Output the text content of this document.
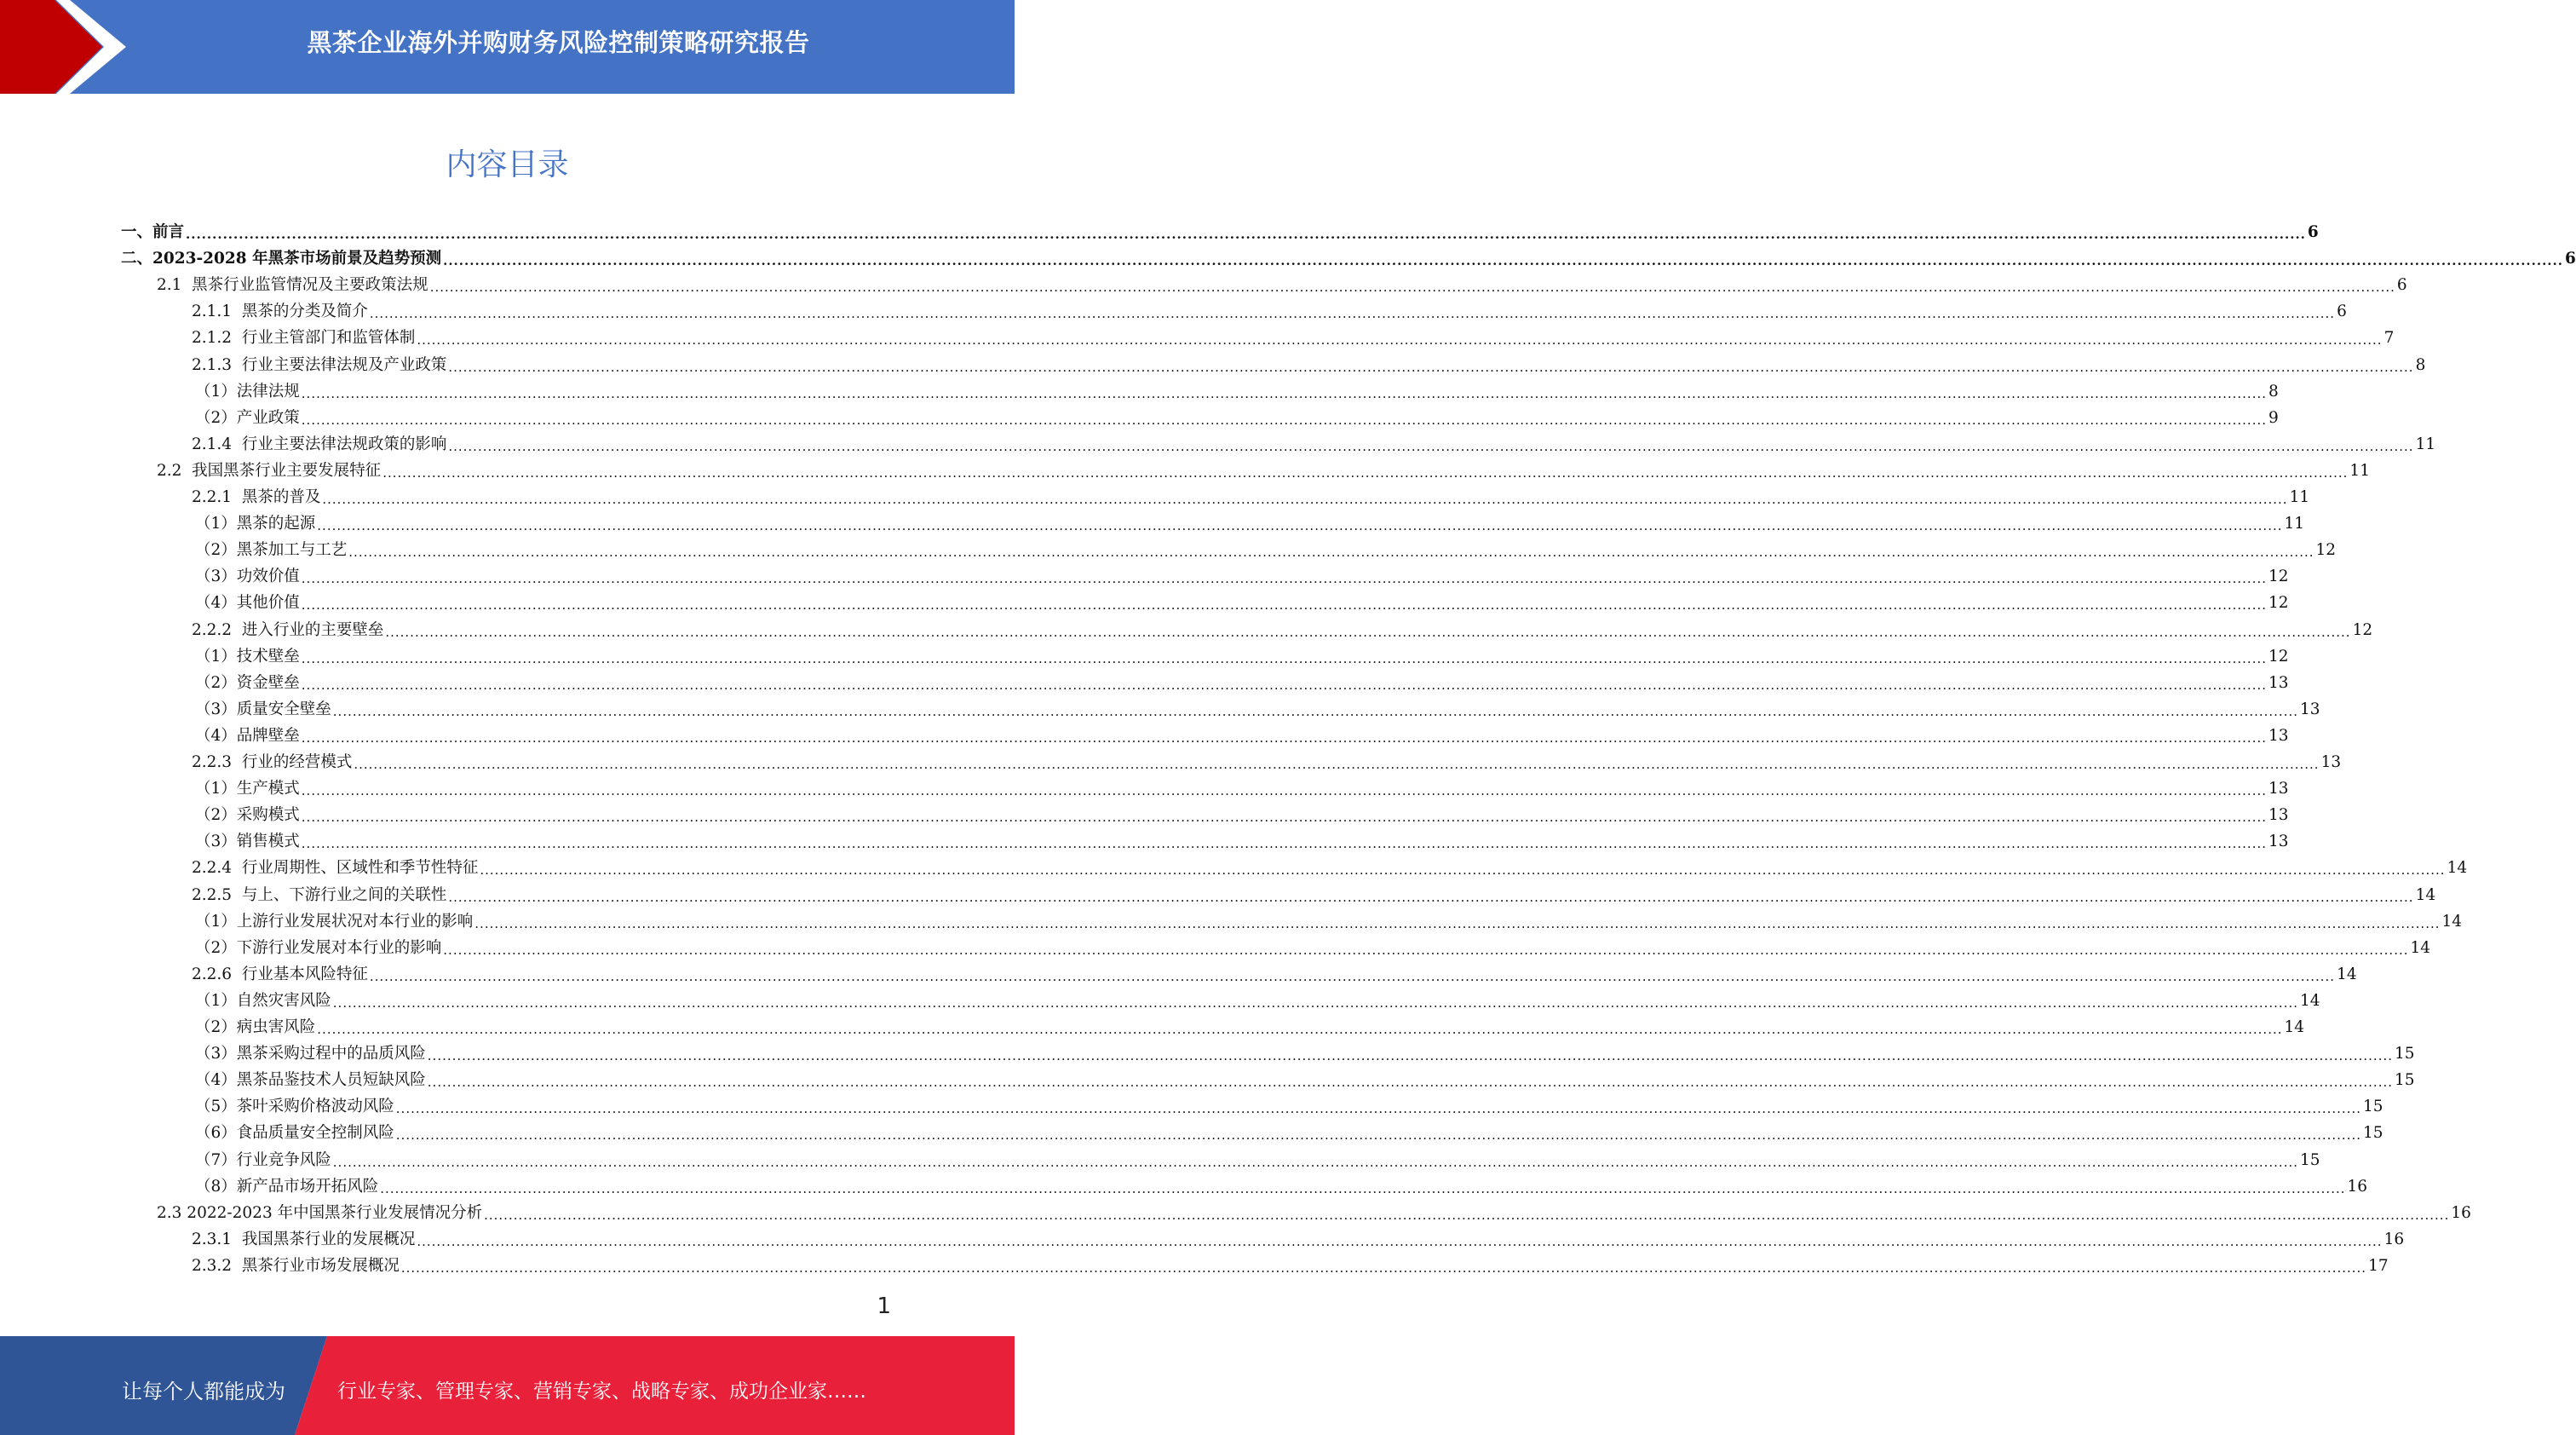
黑茶企业海外并购财务风险控制策略研究报告
内容目录
一、前言 ................................................................................................................................................................................................................................................................................................................................................................................................................ 6
二、2023-2028 年黑茶市场前景及趋势预测 ................................................................................................................................................................................................................................................................................................................................................................................................................ 6
2.1  黑茶行业监管情况及主要政策法规 ................................................................................................................................................................................................................................................................................................................................................................................................................ 6
2.1.1  黑茶的分类及简介 ................................................................................................................................................................................................................................................................................................................................................................................................................ 6
2.1.2  行业主管部门和监管体制 ................................................................................................................................................................................................................................................................................................................................................................................................................ 7
2.1.3  行业主要法律法规及产业政策 ................................................................................................................................................................................................................................................................................................................................................................................................................ 8
（1）法律法规 ................................................................................................................................................................................................................................................................................................................................................................................................................ 8
（2）产业政策 ................................................................................................................................................................................................................................................................................................................................................................................................................ 9
2.1.4  行业主要法律法规政策的影响 ................................................................................................................................................................................................................................................................................................................................................................................................................ 11
2.2  我国黑茶行业主要发展特征 ................................................................................................................................................................................................................................................................................................................................................................................................................ 11
2.2.1  黑茶的普及 ................................................................................................................................................................................................................................................................................................................................................................................................................ 11
（1）黑茶的起源 ................................................................................................................................................................................................................................................................................................................................................................................................................ 11
（2）黑茶加工与工艺 ................................................................................................................................................................................................................................................................................................................................................................................................................ 12
（3）功效价值 ................................................................................................................................................................................................................................................................................................................................................................................................................ 12
（4）其他价值 ................................................................................................................................................................................................................................................................................................................................................................................................................ 12
2.2.2  进入行业的主要壁垒 ................................................................................................................................................................................................................................................................................................................................................................................................................ 12
（1）技术壁垒 ................................................................................................................................................................................................................................................................................................................................................................................................................ 12
（2）资金壁垒 ................................................................................................................................................................................................................................................................................................................................................................................................................ 13
（3）质量安全壁垒 ................................................................................................................................................................................................................................................................................................................................................................................................................ 13
（4）品牌壁垒 ................................................................................................................................................................................................................................................................................................................................................................................................................ 13
2.2.3  行业的经营模式 ................................................................................................................................................................................................................................................................................................................................................................................................................ 13
（1）生产模式 ................................................................................................................................................................................................................................................................................................................................................................................................................ 13
（2）采购模式 ................................................................................................................................................................................................................................................................................................................................................................................................................ 13
（3）销售模式 ................................................................................................................................................................................................................................................................................................................................................................................................................ 13
2.2.4  行业周期性、区域性和季节性特征 ................................................................................................................................................................................................................................................................................................................................................................................................................ 14
2.2.5  与上、下游行业之间的关联性 ................................................................................................................................................................................................................................................................................................................................................................................................................ 14
（1）上游行业发展状况对本行业的影响 ................................................................................................................................................................................................................................................................................................................................................................................................................ 14
（2）下游行业发展对本行业的影响 ................................................................................................................................................................................................................................................................................................................................................................................................................ 14
2.2.6  行业基本风险特征 ................................................................................................................................................................................................................................................................................................................................................................................................................ 14
（1）自然灾害风险 ................................................................................................................................................................................................................................................................................................................................................................................................................ 14
（2）病虫害风险 ................................................................................................................................................................................................................................................................................................................................................................................................................ 14
（3）黑茶采购过程中的品质风险 ................................................................................................................................................................................................................................................................................................................................................................................................................ 15
（4）黑茶品鉴技术人员短缺风险 ................................................................................................................................................................................................................................................................................................................................................................................................................ 15
（5）茶叶采购价格波动风险 ................................................................................................................................................................................................................................................................................................................................................................................................................ 15
（6）食品质量安全控制风险 ................................................................................................................................................................................................................................................................................................................................................................................................................ 15
（7）行业竞争风险 ................................................................................................................................................................................................................................................................................................................................................................................................................ 15
（8）新产品市场开拓风险 ................................................................................................................................................................................................................................................................................................................................................................................................................ 16
2.3 2022-2023 年中国黑茶行业发展情况分析 ................................................................................................................................................................................................................................................................................................................................................................................................................ 16
2.3.1  我国黑茶行业的发展概况 ................................................................................................................................................................................................................................................................................................................................................................................................................ 16
2.3.2  黑茶行业市场发展概况 ................................................................................................................................................................................................................................................................................................................................................................................................................ 17
1
让每个人都能成为	行业专家、管理专家、营销专家、战略专家、成功企业家……
